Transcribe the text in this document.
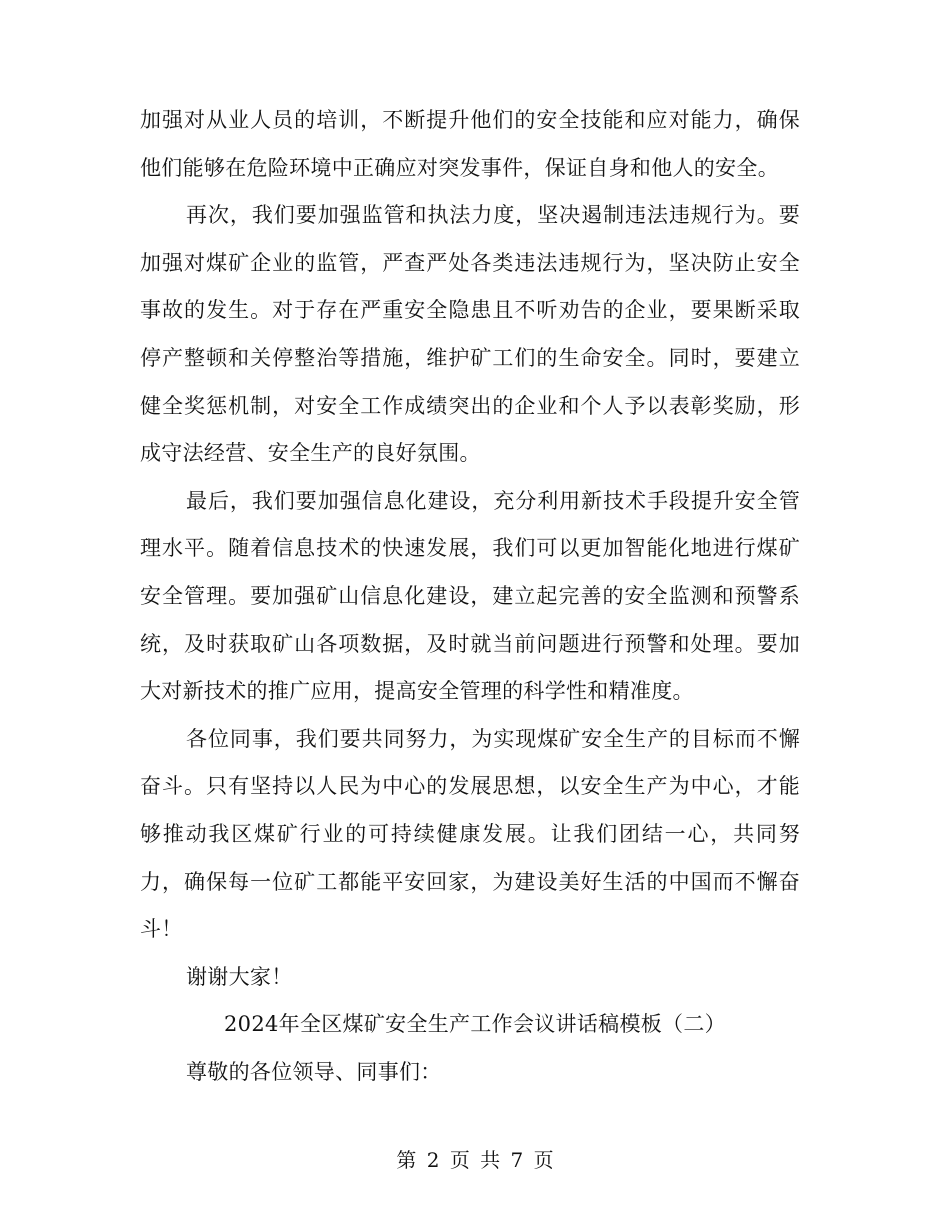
加强对从业人员的培训，不断提升他们的安全技能和应对能力，确保他们能够在危险环境中正确应对突发事件，保证自身和他人的安全。

再次，我们要加强监管和执法力度，坚决遏制违法违规行为。要加强对煤矿企业的监管，严查严处各类违法违规行为，坚决防止安全事故的发生。对于存在严重安全隐患且不听劝告的企业，要果断采取停产整顿和关停整治等措施，维护矿工们的生命安全。同时，要建立健全奖惩机制，对安全工作成绩突出的企业和个人予以表彰奖励，形成守法经营、安全生产的良好氛围。

最后，我们要加强信息化建设，充分利用新技术手段提升安全管理水平。随着信息技术的快速发展，我们可以更加智能化地进行煤矿安全管理。要加强矿山信息化建设，建立起完善的安全监测和预警系统，及时获取矿山各项数据，及时就当前问题进行预警和处理。要加大对新技术的推广应用，提高安全管理的科学性和精准度。

各位同事，我们要共同努力，为实现煤矿安全生产的目标而不懈奋斗。只有坚持以人民为中心的发展思想，以安全生产为中心，才能够推动我区煤矿行业的可持续健康发展。让我们团结一心，共同努力，确保每一位矿工都能平安回家，为建设美好生活的中国而不懈奋斗！

谢谢大家！

2024年全区煤矿安全生产工作会议讲话稿模板（二）

尊敬的各位领导、同事们：

第 2 页 共 7 页
